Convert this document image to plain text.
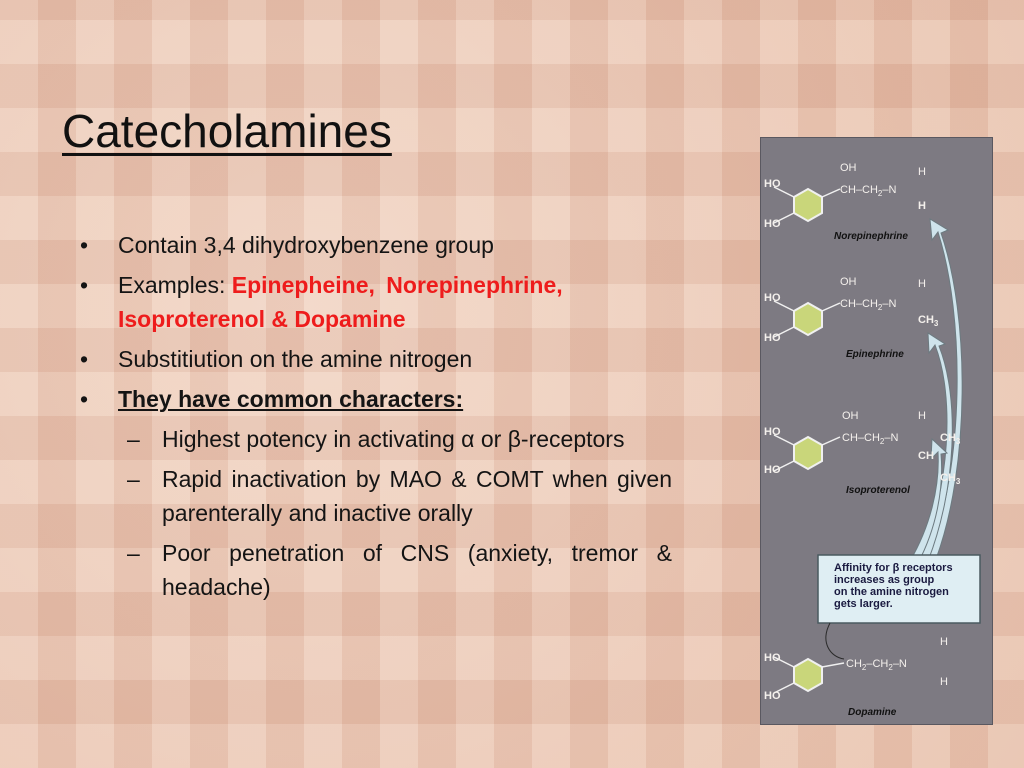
Catecholamines
• Contain 3,4 dihydroxybenzene group
• Examples: Epinepheine, Norepinephrine,
Isoproterenol & Dopamine
• Substitiution on the amine nitrogen
• They have common characters:
– Highest potency in activating α or β-receptors
– Rapid inactivation by MAO & COMT when given parenterally and inactive orally
– Poor penetration of CNS (anxiety, tremor & headache)
Affinity for β receptors
increases as group
on the amine nitrogen
gets larger.
HO
HO
OH
$CH-CH_2-N$
H
H
Norepinephrine
HO
HO
OH
$CH-CH_2-N$
H
$CH_3$
Epinephrine
HO
HO
OH
$CH-CH_2-N$
H
$CH_3$
CH
$CH_3$
Isoproterenol
HO
HO
$CH_2-CH_2-N$
H
H
Dopamine
